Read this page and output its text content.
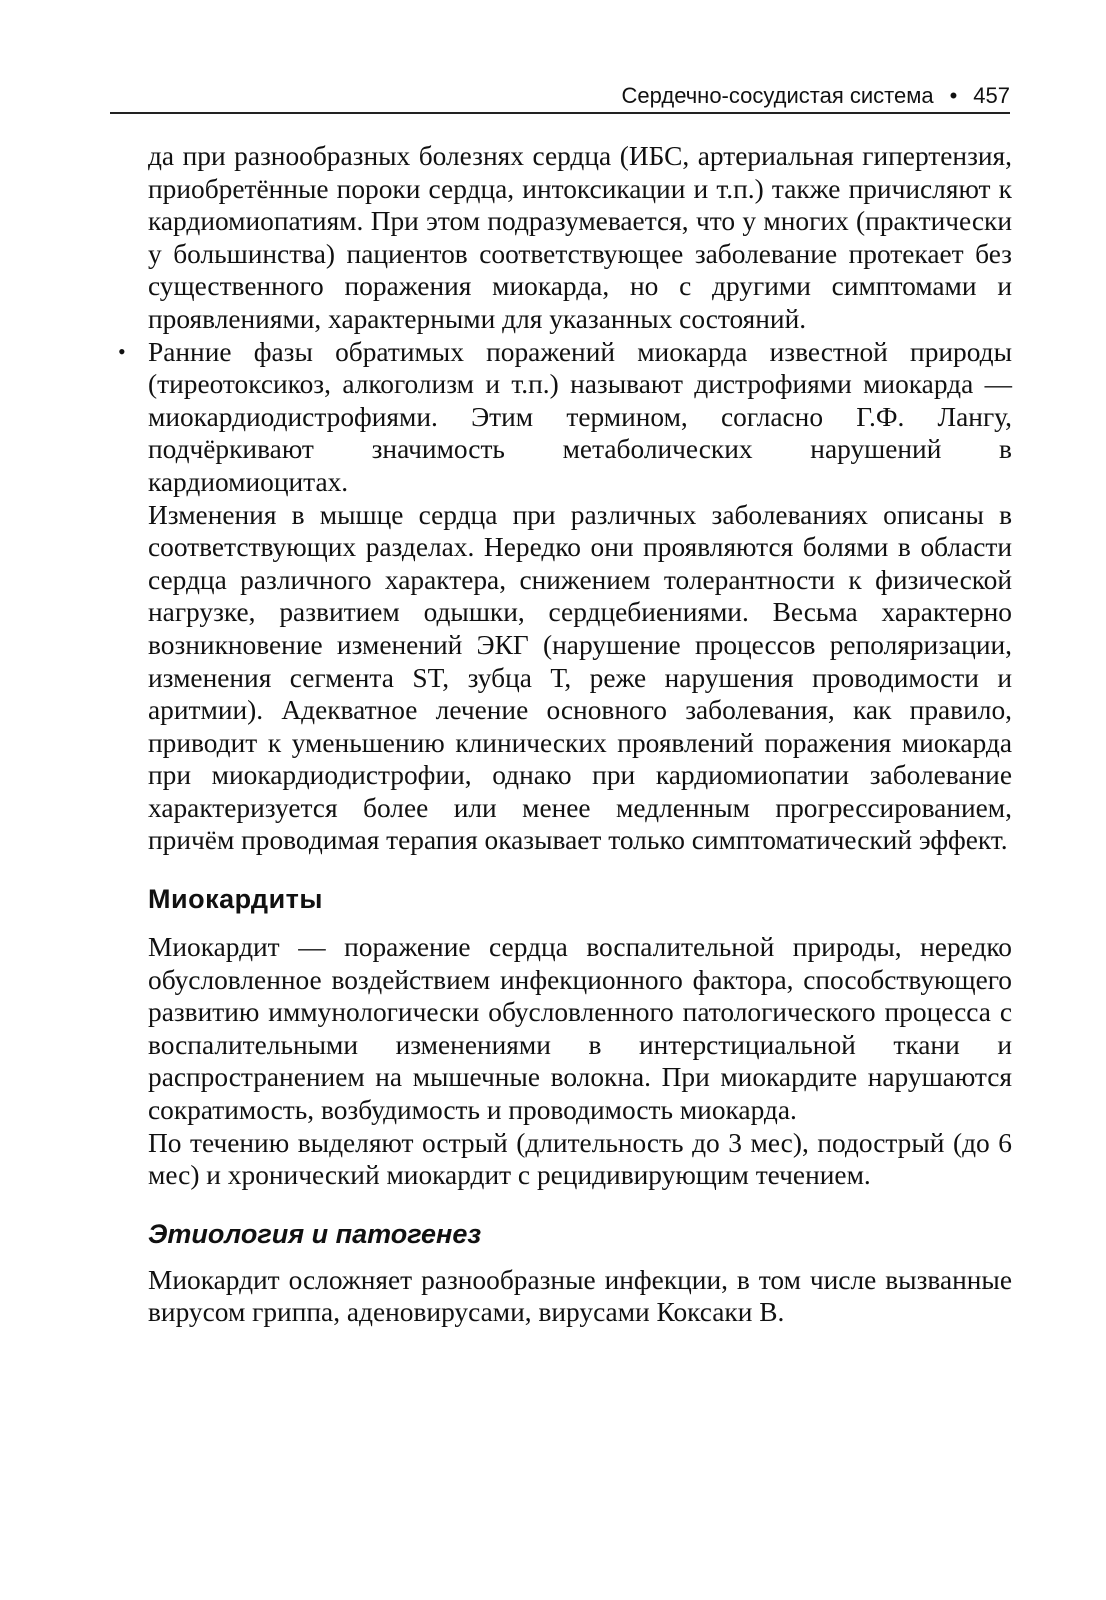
Сердечно-сосудистая система • 457

да при разнообразных болезнях сердца (ИБС, артериальная гипертензия, приобретённые пороки сердца, интоксикации и т.п.) также причисляют к кардиомиопатиям. При этом подразумевается, что у многих (практически у большинства) пациентов соответствующее заболевание протекает без существенного поражения миокарда, но с другими симптомами и проявлениями, характерными для указанных состояний.

• Ранние фазы обратимых поражений миокарда известной природы (тиреотоксикоз, алкоголизм и т.п.) называют дистрофиями миокарда — миокардиодистрофиями. Этим термином, согласно Г.Ф. Лангу, подчёркивают значимость метаболических нарушений в кардиомиоцитах.

Изменения в мышце сердца при различных заболеваниях описаны в соответствующих разделах. Нередко они проявляются болями в области сердца различного характера, снижением толерантности к физической нагрузке, развитием одышки, сердцебиениями. Весьма характерно возникновение изменений ЭКГ (нарушение процессов реполяризации, изменения сегмента ST, зубца Т, реже нарушения проводимости и аритмии). Адекватное лечение основного заболевания, как правило, приводит к уменьшению клинических проявлений поражения миокарда при миокардиодистрофии, однако при кардиомиопатии заболевание характеризуется более или менее медленным прогрессированием, причём проводимая терапия оказывает только симптоматический эффект.

Миокардиты

Миокардит — поражение сердца воспалительной природы, нередко обусловленное воздействием инфекционного фактора, способствующего развитию иммунологически обусловленного патологического процесса с воспалительными изменениями в интерстициальной ткани и распространением на мышечные волокна. При миокардите нарушаются сократимость, возбудимость и проводимость миокарда.

По течению выделяют острый (длительность до 3 мес), подострый (до 6 мес) и хронический миокардит с рецидивирующим течением.

Этиология и патогенез

Миокардит осложняет разнообразные инфекции, в том числе вызванные вирусом гриппа, аденовирусами, вирусами Коксаки В.
